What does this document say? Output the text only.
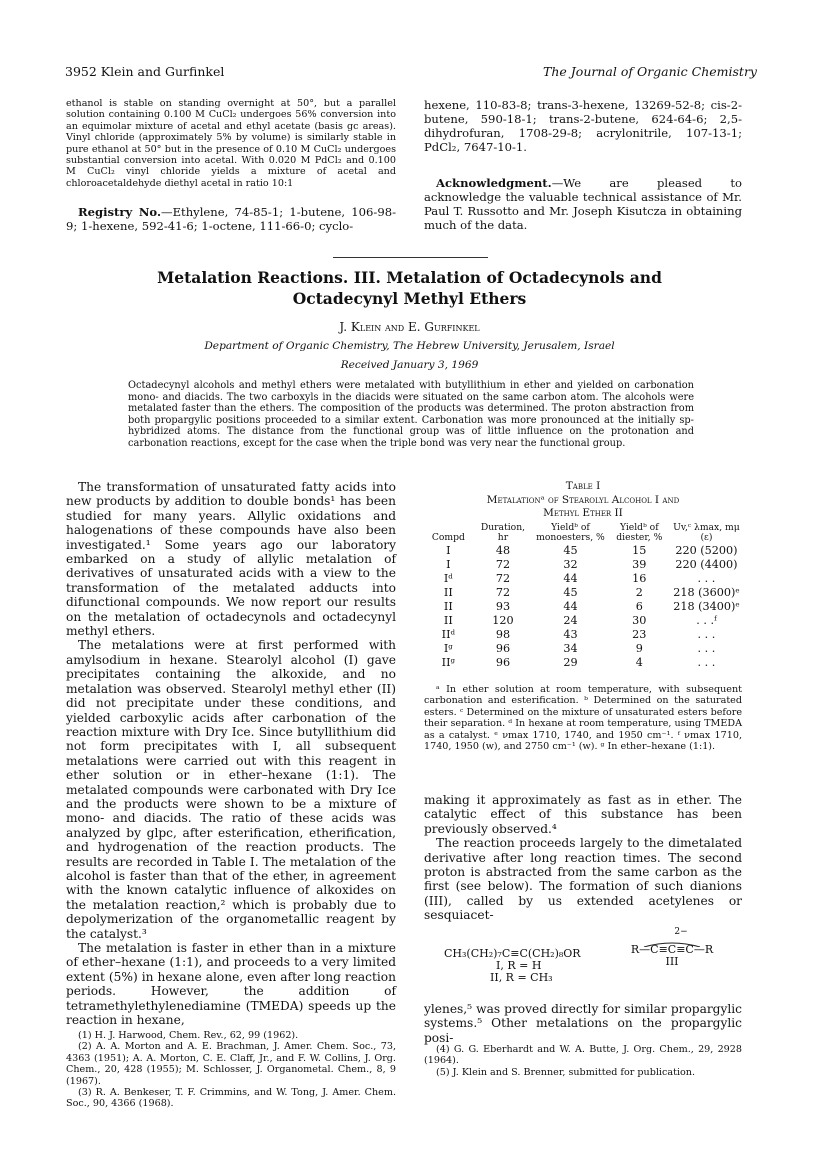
3952 Klein and Gurfinkel	The Journal of Organic Chemistry

ethanol is stable on standing overnight at 50°, but a parallel solution containing 0.100 M CuCl₂ undergoes 56% conversion into an equimolar mixture of acetal and ethyl acetate (basis gc areas). Vinyl chloride (approximately 5% by volume) is similarly stable in pure ethanol at 50° but in the presence of 0.10 M CuCl₂ undergoes substantial conversion into acetal. With 0.020 M PdCl₂ and 0.100 M CuCl₂ vinyl chloride yields a mixture of acetal and chloroacetaldehyde diethyl acetal in ratio 10:1

Registry No.—Ethylene, 74-85-1; 1-butene, 106-98-9; 1-hexene, 592-41-6; 1-octene, 111-66-0; cyclo-

hexene, 110-83-8; trans-3-hexene, 13269-52-8; cis-2-butene, 590-18-1; trans-2-butene, 624-64-6; 2,5-dihydrofuran, 1708-29-8; acrylonitrile, 107-13-1; PdCl₂, 7647-10-1.

Acknowledgment.—We are pleased to acknowledge the valuable technical assistance of Mr. Paul T. Russotto and Mr. Joseph Kisutcza in obtaining much of the data.

Metalation Reactions. III. Metalation of Octadecynols and
Octadecynyl Methyl Ethers
J. Klein and E. Gurfinkel
Department of Organic Chemistry, The Hebrew University, Jerusalem, Israel
Received January 3, 1969
Octadecynyl alcohols and methyl ethers were metalated with butyllithium in ether and yielded on carbonation mono- and diacids. The two carboxyls in the diacids were situated on the same carbon atom. The alcohols were metalated faster than the ethers. The composition of the products was determined. The proton abstraction from both propargylic positions proceeded to a similar extent. Carbonation was more pronounced at the initially sp-hybridized atoms. The distance from the functional group was of little influence on the protonation and carbonation reactions, except for the case when the triple bond was very near the functional group.

The transformation of unsaturated fatty acids into new products by addition to double bonds¹ has been studied for many years. Allylic oxidations and halogenations of these compounds have also been investigated.¹ Some years ago our laboratory embarked on a study of allylic metalation of derivatives of unsaturated acids with a view to the transformation of the metalated adducts into difunctional compounds. We now report our results on the metalation of octadecynols and octadecynyl methyl ethers.

The metalations were at first performed with amylsodium in hexane. Stearolyl alcohol (I) gave precipitates containing the alkoxide, and no metalation was observed. Stearolyl methyl ether (II) did not precipitate under these conditions, and yielded carboxylic acids after carbonation of the reaction mixture with Dry Ice. Since butyllithium did not form precipitates with I, all subsequent metalations were carried out with this reagent in ether solution or in ether–hexane (1:1). The metalated compounds were carbonated with Dry Ice and the products were shown to be a mixture of mono- and diacids. The ratio of these acids was analyzed by glpc, after esterification, etherification, and hydrogenation of the reaction products. The results are recorded in Table I. The metalation of the alcohol is faster than that of the ether, in agreement with the known catalytic influence of alkoxides on the metalation reaction,² which is probably due to depolymerization of the organometallic reagent by the catalyst.³

The metalation is faster in ether than in a mixture of ether–hexane (1:1), and proceeds to a very limited extent (5%) in hexane alone, even after long reaction periods. However, the addition of tetramethylethylenediamine (TMEDA) speeds up the reaction in hexane,

(1) H. J. Harwood, Chem. Rev., 62, 99 (1962).

(2) A. A. Morton and A. E. Brachman, J. Amer. Chem. Soc., 73, 4363 (1951); A. A. Morton, C. E. Claff, Jr., and F. W. Collins, J. Org. Chem., 20, 428 (1955); M. Schlosser, J. Organometal. Chem., 8, 9 (1967).

(3) R. A. Benkeser, T. F. Crimmins, and W. Tong, J. Amer. Chem. Soc., 90, 4366 (1968).

Table I
Metalationᵃ of Stearolyl Alcohol I and
Methyl Ether II
Compd	Duration, hr	Yieldᵇ of monoesters, %	Yieldᵇ of diester, %	Uv,ᶜ λmax, mμ (ε)
I	48	45	15	220 (5200)
I	72	32	39	220 (4400)
Iᵈ	72	44	16	. . .
II	72	45	2	218 (3600)ᵉ
II	93	44	6	218 (3400)ᵉ
II	120	24	30	. . .ᶠ
IIᵈ	98	43	23	. . .
Iᵍ	96	34	9	. . .
IIᵍ	96	29	4	. . .

ᵃ In ether solution at room temperature, with subsequent carbonation and esterification. ᵇ Determined on the saturated esters. ᶜ Determined on the mixture of unsaturated esters before their separation. ᵈ In hexane at room temperature, using TMEDA as a catalyst. ᵉ νmax 1710, 1740, and 1950 cm⁻¹. ᶠ νmax 1710, 1740, 1950 (w), and 2750 cm⁻¹ (w). ᵍ In ether–hexane (1:1).

making it approximately as fast as in ether. The catalytic effect of this substance has been previously observed.⁴

The reaction proceeds largely to the dimetalated derivative after long reaction times. The second proton is abstracted from the same carbon as the first (see below). The formation of such dianions (III), called by us extended acetylenes or sesquiacet-

CH₃(CH₂)₇C≡C(CH₂)₈OR
I, R = H
II, R = CH₃
2−
R—C≡C≡C—R
III

ylenes,⁵ was proved directly for similar propargylic systems.⁵ Other metalations on the propargylic posi-

(4) G. G. Eberhardt and W. A. Butte, J. Org. Chem., 29, 2928 (1964).

(5) J. Klein and S. Brenner, submitted for publication.
